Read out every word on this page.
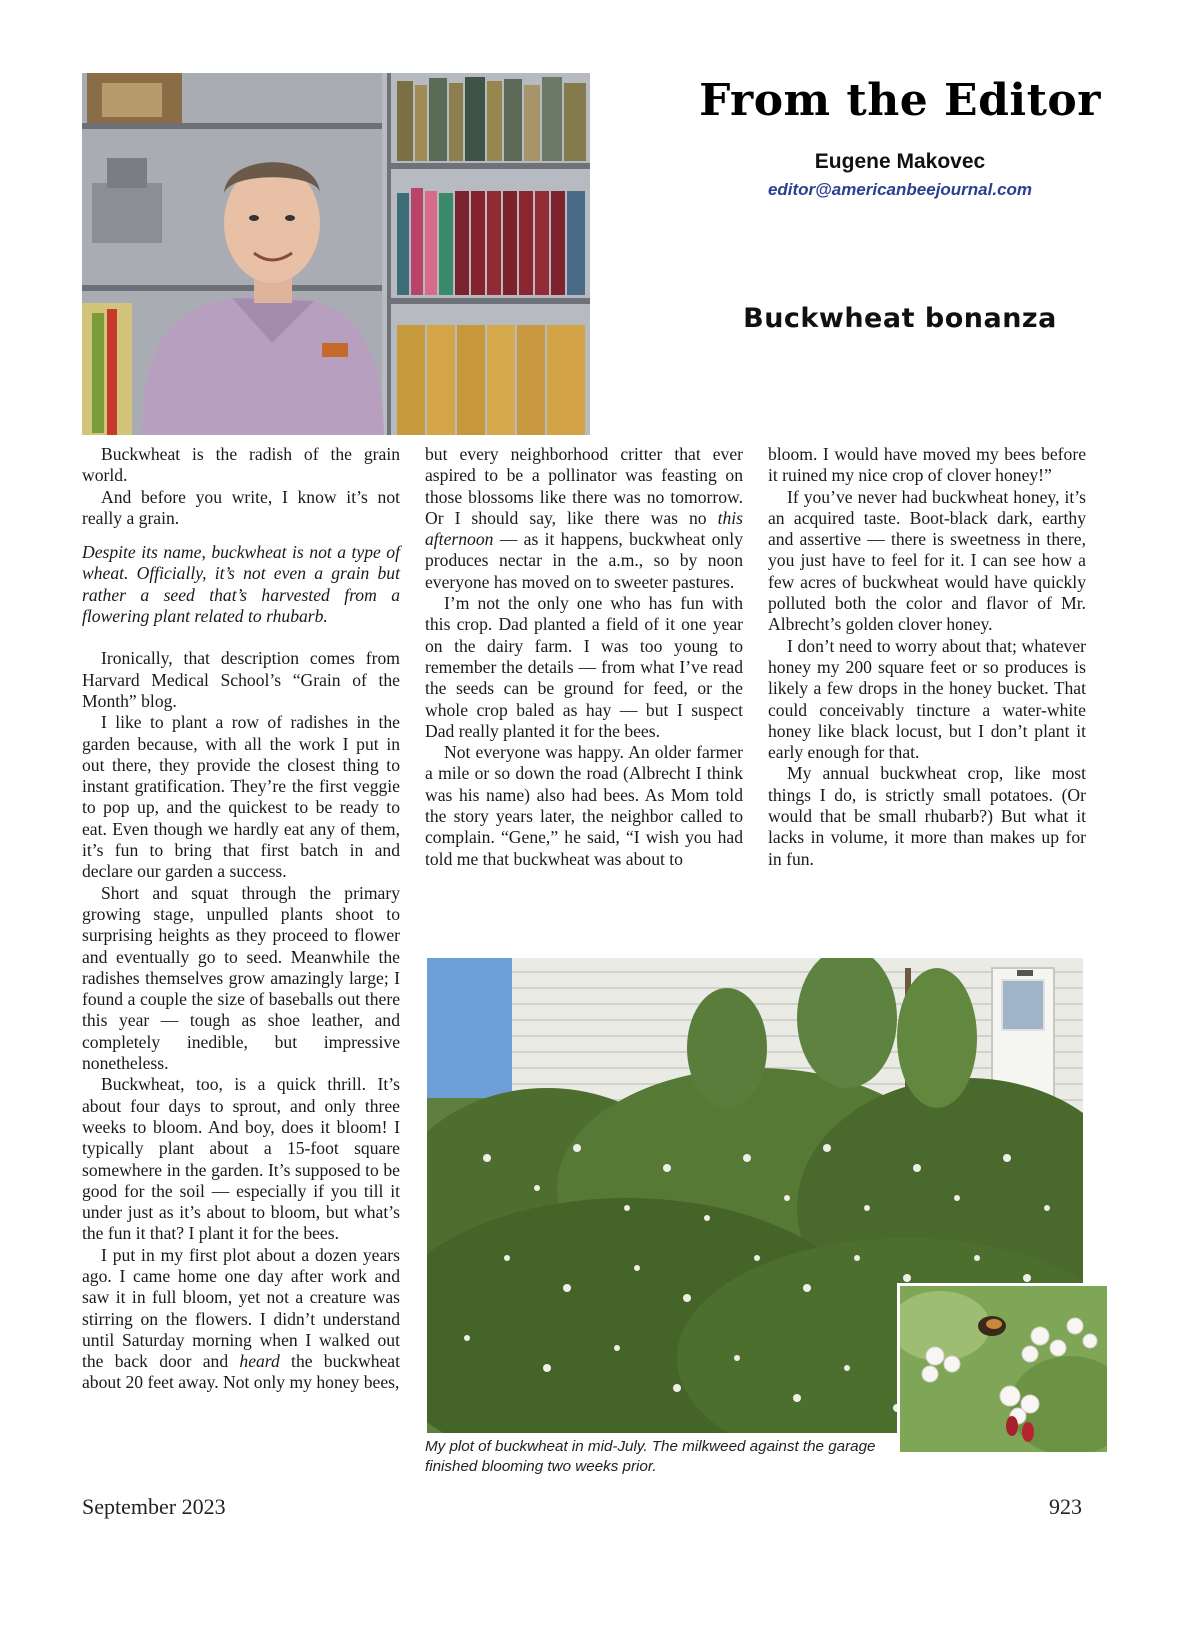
From the Editor
Eugene Makovec
editor@americanbeejournal.com
Buckwheat bonanza

Buckwheat is the radish of the grain world.

And before you write, I know it’s not really a grain.

Despite its name, buckwheat is not a type of wheat. Officially, it’s not even a grain but rather a seed that’s harvested from a flowering plant related to rhubarb.

Ironically, that description comes from Harvard Medical School’s “Grain of the Month” blog.

I like to plant a row of radishes in the garden because, with all the work I put in out there, they provide the closest thing to instant gratification. They’re the first veggie to pop up, and the quickest to be ready to eat. Even though we hardly eat any of them, it’s fun to bring that first batch in and declare our garden a success.

Short and squat through the primary growing stage, unpulled plants shoot to surprising heights as they proceed to flower and eventually go to seed. Meanwhile the radishes themselves grow amazingly large; I found a couple the size of baseballs out there this year — tough as shoe leather, and completely inedible, but impressive nonetheless.

Buckwheat, too, is a quick thrill. It’s about four days to sprout, and only three weeks to bloom. And boy, does it bloom! I typically plant about a 15-foot square somewhere in the garden. It’s supposed to be good for the soil — especially if you till it under just as it’s about to bloom, but what’s the fun it that? I plant it for the bees.

I put in my first plot about a dozen years ago. I came home one day after work and saw it in full bloom, yet not a creature was stirring on the flowers. I didn’t understand until Saturday morning when I walked out the back door and heard the buckwheat about 20 feet away. Not only my honey bees,

but every neighborhood critter that ever aspired to be a pollinator was feasting on those blossoms like there was no tomorrow. Or I should say, like there was no this afternoon — as it happens, buckwheat only produces nectar in the a.m., so by noon everyone has moved on to sweeter pastures.

I’m not the only one who has fun with this crop. Dad planted a field of it one year on the dairy farm. I was too young to remember the details — from what I’ve read the seeds can be ground for feed, or the whole crop baled as hay — but I suspect Dad really planted it for the bees.

Not everyone was happy. An older farmer a mile or so down the road (Albrecht I think was his name) also had bees. As Mom told the story years later, the neighbor called to complain. “Gene,” he said, “I wish you had told me that buckwheat was about to

bloom. I would have moved my bees before it ruined my nice crop of clover honey!”

If you’ve never had buckwheat honey, it’s an acquired taste. Boot-black dark, earthy and assertive — there is sweetness in there, you just have to feel for it. I can see how a few acres of buckwheat would have quickly polluted both the color and flavor of Mr. Albrecht’s golden clover honey.

I don’t need to worry about that; whatever honey my 200 square feet or so produces is likely a few drops in the honey bucket. That could conceivably tincture a water-white honey like black locust, but I don’t plant it early enough for that.

My annual buckwheat crop, like most things I do, is strictly small potatoes. (Or would that be small rhubarb?) But what it lacks in volume, it more than makes up for in fun.

My plot of buckwheat in mid-July. The milkweed against the garage finished blooming two weeks prior.
September 2023	923
